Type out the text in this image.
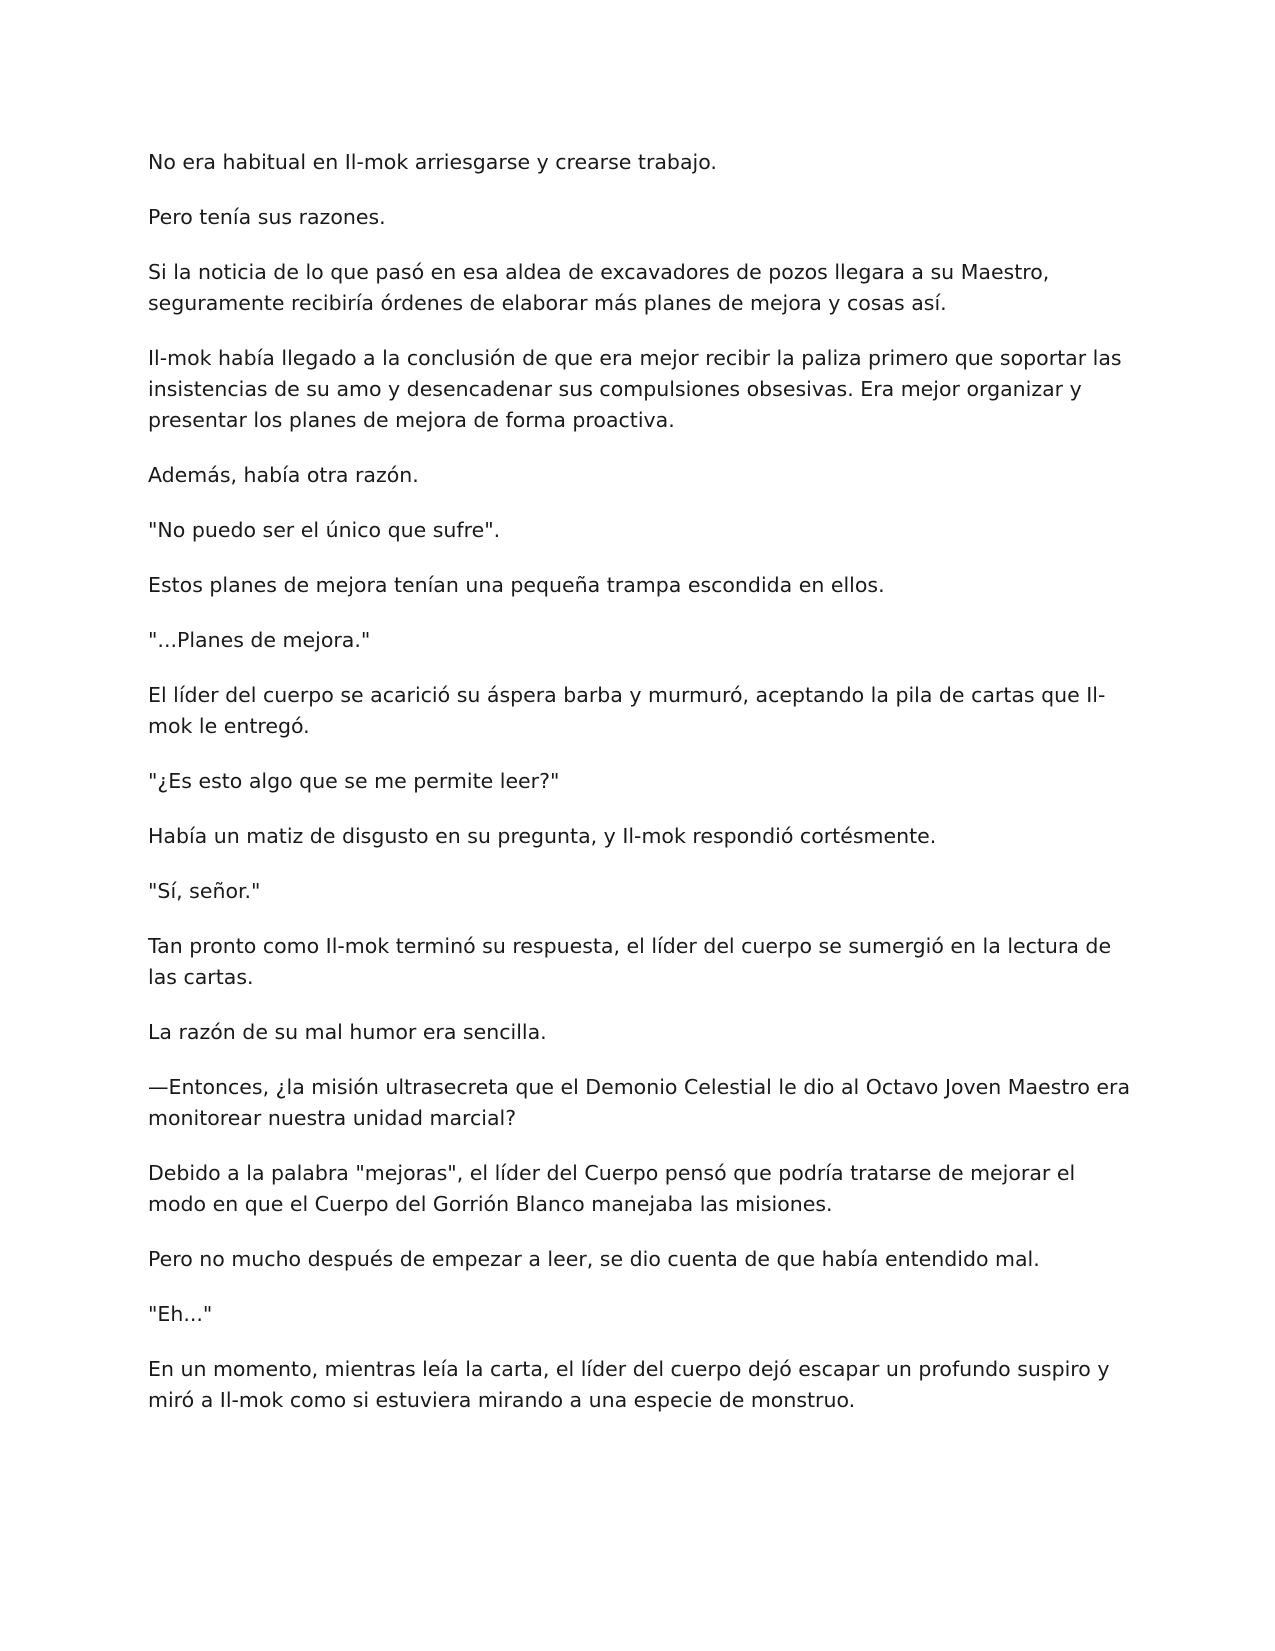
No era habitual en Il-mok arriesgarse y crearse trabajo.

Pero tenía sus razones.

Si la noticia de lo que pasó en esa aldea de excavadores de pozos llegara a su Maestro, seguramente recibiría órdenes de elaborar más planes de mejora y cosas así.

Il-mok había llegado a la conclusión de que era mejor recibir la paliza primero que soportar las insistencias de su amo y desencadenar sus compulsiones obsesivas. Era mejor organizar y presentar los planes de mejora de forma proactiva.

Además, había otra razón.

"No puedo ser el único que sufre".

Estos planes de mejora tenían una pequeña trampa escondida en ellos.

"...Planes de mejora."

El líder del cuerpo se acarició su áspera barba y murmuró, aceptando la pila de cartas que Il-mok le entregó.

"¿Es esto algo que se me permite leer?"

Había un matiz de disgusto en su pregunta, y Il-mok respondió cortésmente.

"Sí, señor."

Tan pronto como Il-mok terminó su respuesta, el líder del cuerpo se sumergió en la lectura de las cartas.

La razón de su mal humor era sencilla.

—Entonces, ¿la misión ultrasecreta que el Demonio Celestial le dio al Octavo Joven Maestro era monitorear nuestra unidad marcial?

Debido a la palabra "mejoras", el líder del Cuerpo pensó que podría tratarse de mejorar el modo en que el Cuerpo del Gorrión Blanco manejaba las misiones.

Pero no mucho después de empezar a leer, se dio cuenta de que había entendido mal.

"Eh..."

En un momento, mientras leía la carta, el líder del cuerpo dejó escapar un profundo suspiro y miró a Il-mok como si estuviera mirando a una especie de monstruo.
